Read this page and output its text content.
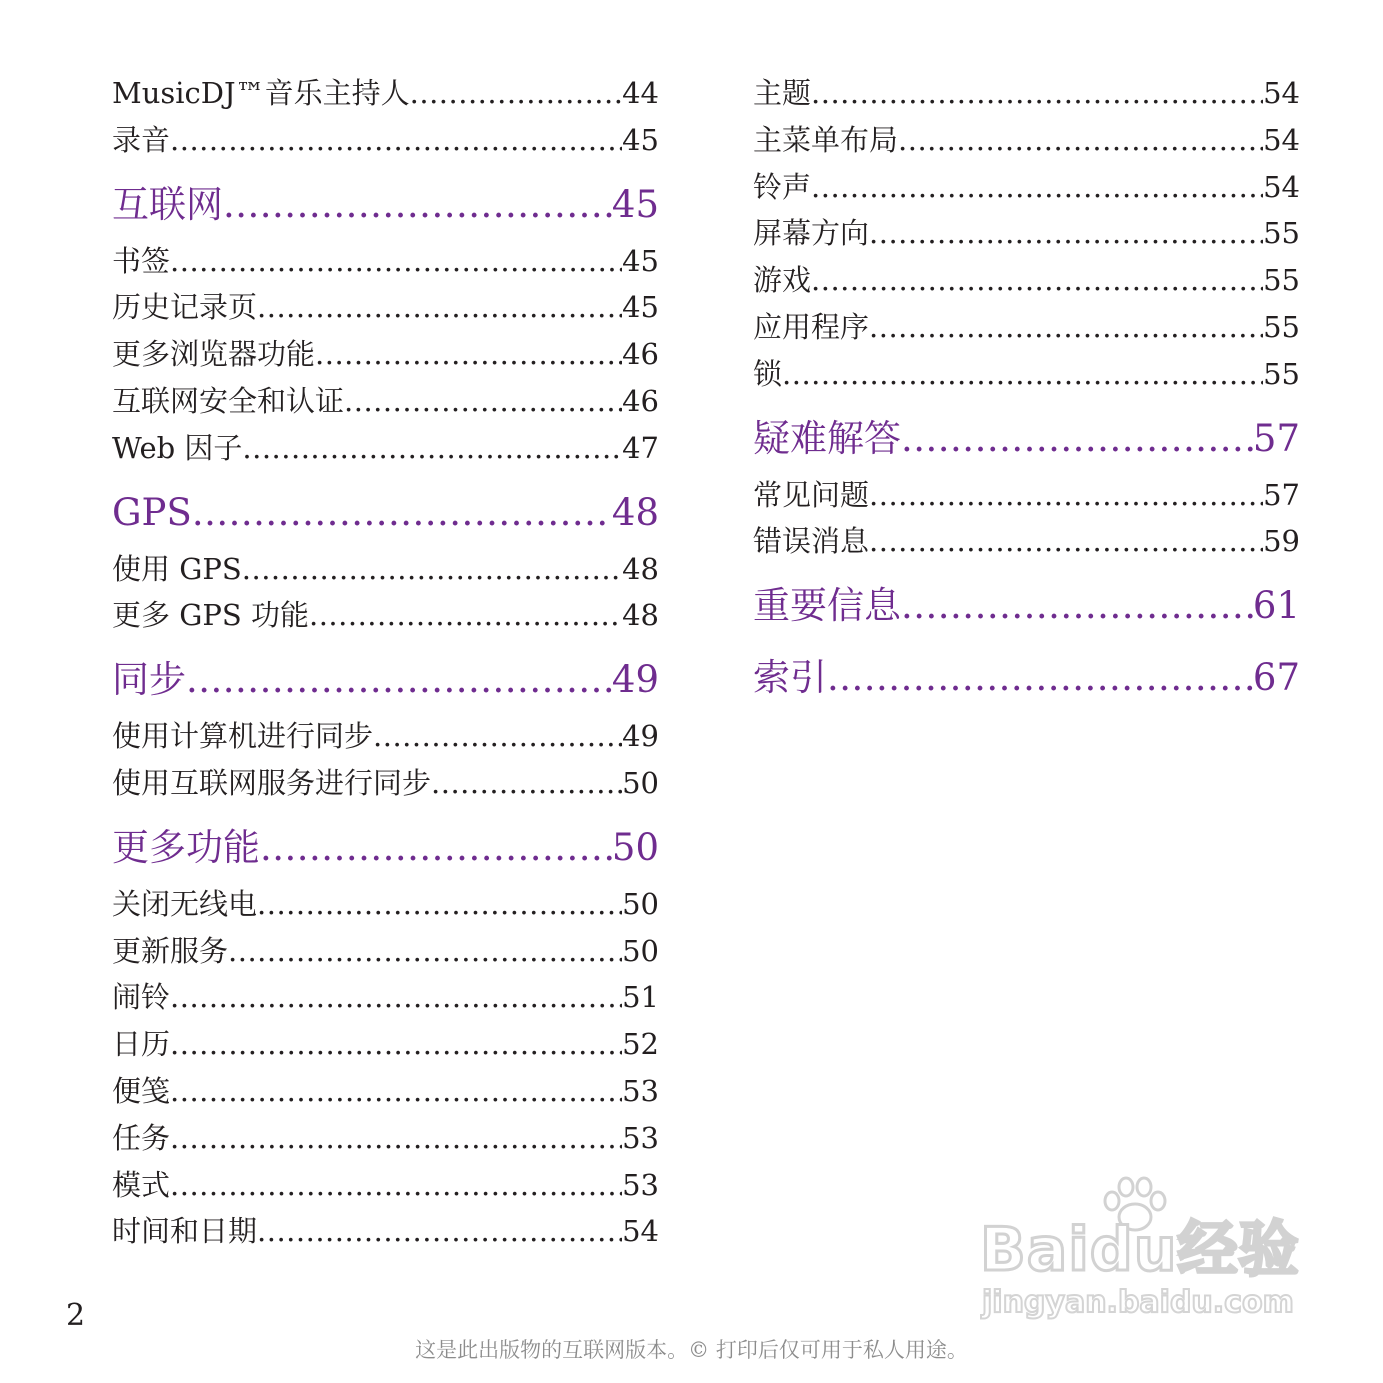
MusicDJ™音乐主持人 .....	44
录音 .....	45
互联网 .....	45
书签 .....	45
历史记录页 .....	45
更多浏览器功能 .....	46
互联网安全和认证 .....	46
Web 因子 .....	47
GPS .....	48
使用 GPS .....	48
更多 GPS 功能 .....	48
同步 .....	49
使用计算机进行同步 .....	49
使用互联网服务进行同步 .....	50
更多功能 .....	50
关闭无线电 .....	50
更新服务 .....	50
闹铃 .....	51
日历 .....	52
便笺 .....	53
任务 .....	53
模式 .....	53
时间和日期 .....	54
主题 .....	54
主菜单布局 .....	54
铃声 .....	54
屏幕方向 .....	55
游戏 .....	55
应用程序 .....	55
锁 .....	55
疑难解答 .....	57
常见问题 .....	57
错误消息 .....	59
重要信息 .....	61
索引 .....	67
2
这是此出版物的互联网版本。© 打印后仅可用于私人用途。
Baidu经验
jingyan.baidu.com
